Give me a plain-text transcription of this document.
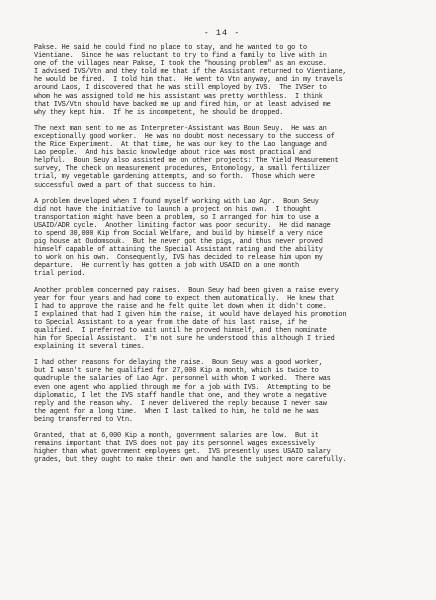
- 14 -
Pakse. He said he could find no place to stay, and he wanted to go to
Vientiane.  Since he was reluctant to try to find a family to live with in
one of the villages near Pakse, I took the "housing problem" as an excuse.
I advised IVS/Vtn and they told me that if the Assistant returned to Vientiane,
he would be fired.  I told him that.  He went to Vtn anyway, and in my travels
around Laos, I discovered that he was still employed by IVS.  The IVSer to
whom he was assigned told me his assistant was pretty worthless.  I think
that IVS/Vtn should have backed me up and fired him, or at least advised me
why they kept him.  If he is incompetent, he should be dropped.
The next man sent to me as Interpreter-Assistant was Boun Seuy.  He was an
exceptionally good worker.  He was no doubt most necessary to the success of
the Rice Experiment.  At that time, he was our key to the Lao language and
Lao people.  And his basic knowledge about rice was most practical and
helpful.  Boun Seuy also assisted me on other projects: The Yield Measurement
survey, The check on measurement procedures, Entomology, a small fertilizer
trial, my vegetable gardening attempts, and so forth.  Those which were
successful owed a part of that success to him.
A problem developed when I found myself working with Lao Agr.  Boun Seuy
did not have the initiative to launch a project on his own.  I thought
transportation might have been a problem, so I arranged for him to use a
USAID/ADR cycle.  Another limiting factor was poor security.  He did manage
to spend 30,000 Kip from Social Welfare, and build by himself a very nice
pig house at Oudomsouk.  But he never got the pigs, and thus never proved
himself capable of attaining the Special Assistant rating and the ability
to work on his own.  Consequently, IVS has decided to release him upon my
departure.  He currently has gotten a job with USAID on a one month
trial period.
Another problem concerned pay raises.  Boun Seuy had been given a raise every
year for four years and had come to expect them automatically.  He knew that
I had to approve the raise and he felt quite let down when it didn't come.
I explained that had I given him the raise, it would have delayed his promotion
to Special Assistant to a year from the date of his last raise, if he
qualified.  I preferred to wait until he proved himself, and then nominate
him for Special Assistant.  I'm not sure he understood this although I tried
explaining it several times.
I had other reasons for delaying the raise.  Boun Seuy was a good worker,
but I wasn't sure he qualified for 27,000 Kip a month, which is twice to
quadruple the salaries of Lao Agr. personnel with whom I worked.  There was
even one agent who applied through me for a job with IVS.  Attempting to be
diplomatic, I let the IVS staff handle that one, and they wrote a negative
reply and the reason why.  I never delivered the reply because I never saw
the agent for a long time.  When I last talked to him, he told me he was
being transferred to Vtn.
Granted, that at 6,000 Kip a month, government salaries are low.  But it
remains important that IVS does not pay its personnel wages excessively
higher than what government employees get.  IVS presently uses USAID salary
grades, but they ought to make their own and handle the subject more carefully.
